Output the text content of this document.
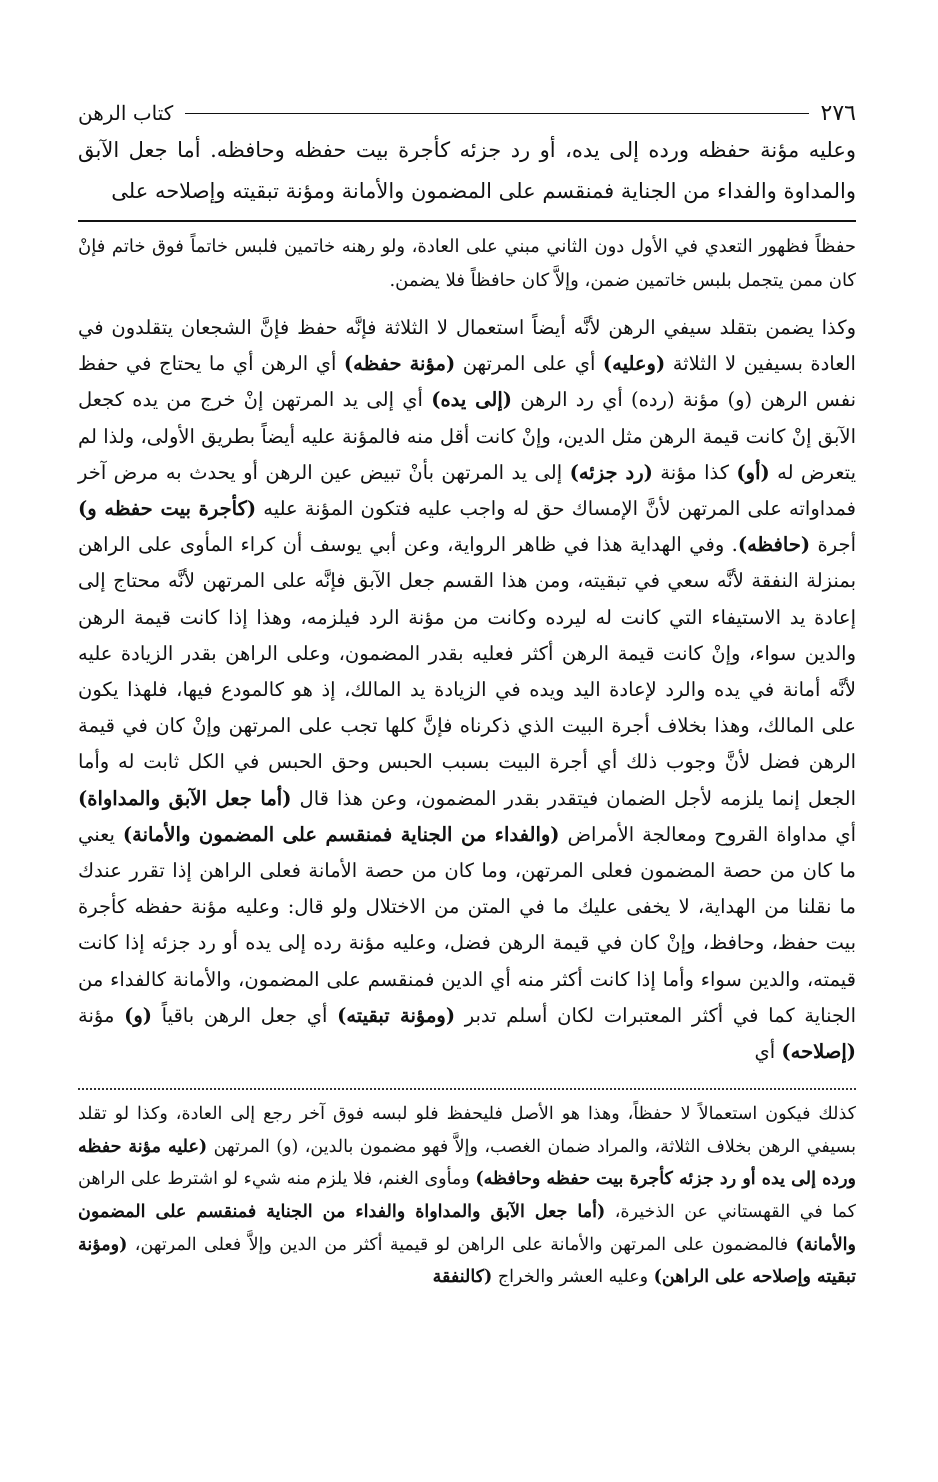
٢٧٦
كتاب الرهن

وعليه مؤنة حفظه ورده إلى يده، أو رد جزئه كأجرة بيت حفظه وحافظه. أما جعل الآبق والمداوة والفداء من الجناية فمنقسم على المضمون والأمانة ومؤنة تبقيته وإصلاحه على

حفظاً فظهور التعدي في الأول دون الثاني مبني على العادة، ولو رهنه خاتمين فلبس خاتماً فوق خاتم فإنْ كان ممن يتجمل بلبس خاتمين ضمن، وإلاَّ كان حافظاً فلا يضمن.

وكذا يضمن بتقلد سيفي الرهن لأنَّه أيضاً استعمال لا الثلاثة فإنَّه حفظ فإنَّ الشجعان يتقلدون في العادة بسيفين لا الثلاثة (وعليه) أي على المرتهن (مؤنة حفظه) أي الرهن أي ما يحتاج في حفظ نفس الرهن (و) مؤنة (رده) أي رد الرهن (إلى يده) أي إلى يد المرتهن إنْ خرج من يده كجعل الآبق إنْ كانت قيمة الرهن مثل الدين، وإنْ كانت أقل منه فالمؤنة عليه أيضاً بطريق الأولى، ولذا لم يتعرض له (أو) كذا مؤنة (رد جزئه) إلى يد المرتهن بأنْ تبيض عين الرهن أو يحدث به مرض آخر فمداواته على المرتهن لأنَّ الإمساك حق له واجب عليه فتكون المؤنة عليه (كأجرة بيت حفظه و) أجرة (حافظه). وفي الهداية هذا في ظاهر الرواية، وعن أبي يوسف أن كراء المأوى على الراهن بمنزلة النفقة لأنَّه سعي في تبقيته، ومن هذا القسم جعل الآبق فإنَّه على المرتهن لأنَّه محتاج إلى إعادة يد الاستيفاء التي كانت له ليرده وكانت من مؤنة الرد فيلزمه، وهذا إذا كانت قيمة الرهن والدين سواء، وإنْ كانت قيمة الرهن أكثر فعليه بقدر المضمون، وعلى الراهن بقدر الزيادة عليه لأنَّه أمانة في يده والرد لإعادة اليد ويده في الزيادة يد المالك، إذ هو كالمودع فيها، فلهذا يكون على المالك، وهذا بخلاف أجرة البيت الذي ذكرناه فإنَّ كلها تجب على المرتهن وإنْ كان في قيمة الرهن فضل لأنَّ وجوب ذلك أي أجرة البيت بسبب الحبس وحق الحبس في الكل ثابت له وأما الجعل إنما يلزمه لأجل الضمان فيتقدر بقدر المضمون، وعن هذا قال (أما جعل الآبق والمداواة) أي مداواة القروح ومعالجة الأمراض (والفداء من الجناية فمنقسم على المضمون والأمانة) يعني ما كان من حصة المضمون فعلى المرتهن، وما كان من حصة الأمانة فعلى الراهن إذا تقرر عندك ما نقلنا من الهداية، لا يخفى عليك ما في المتن من الاختلال ولو قال: وعليه مؤنة حفظه كأجرة بيت حفظ، وحافظ، وإنْ كان في قيمة الرهن فضل، وعليه مؤنة رده إلى يده أو رد جزئه إذا كانت قيمته، والدين سواء وأما إذا كانت أكثر منه أي الدين فمنقسم على المضمون، والأمانة كالفداء من الجناية كما في أكثر المعتبرات لكان أسلم تدبر (ومؤنة تبقيته) أي جعل الرهن باقياً (و) مؤنة (إصلاحه) أي

كذلك فيكون استعمالاً لا حفظاً، وهذا هو الأصل فليحفظ فلو لبسه فوق آخر رجع إلى العادة، وكذا لو تقلد بسيفي الرهن بخلاف الثلاثة، والمراد ضمان الغصب، وإلاَّ فهو مضمون بالدين، (و) المرتهن (عليه مؤنة حفظه ورده إلى يده أو رد جزئه كأجرة بيت حفظه وحافظه) ومأوى الغنم، فلا يلزم منه شيء لو اشترط على الراهن كما في القهستاني عن الذخيرة، (أما جعل الآبق والمداواة والفداء من الجناية فمنقسم على المضمون والأمانة) فالمضمون على المرتهن والأمانة على الراهن لو قيمية أكثر من الدين وإلاَّ فعلى المرتهن، (ومؤنة تبقيته وإصلاحه على الراهن) وعليه العشر والخراج (كالنفقة
